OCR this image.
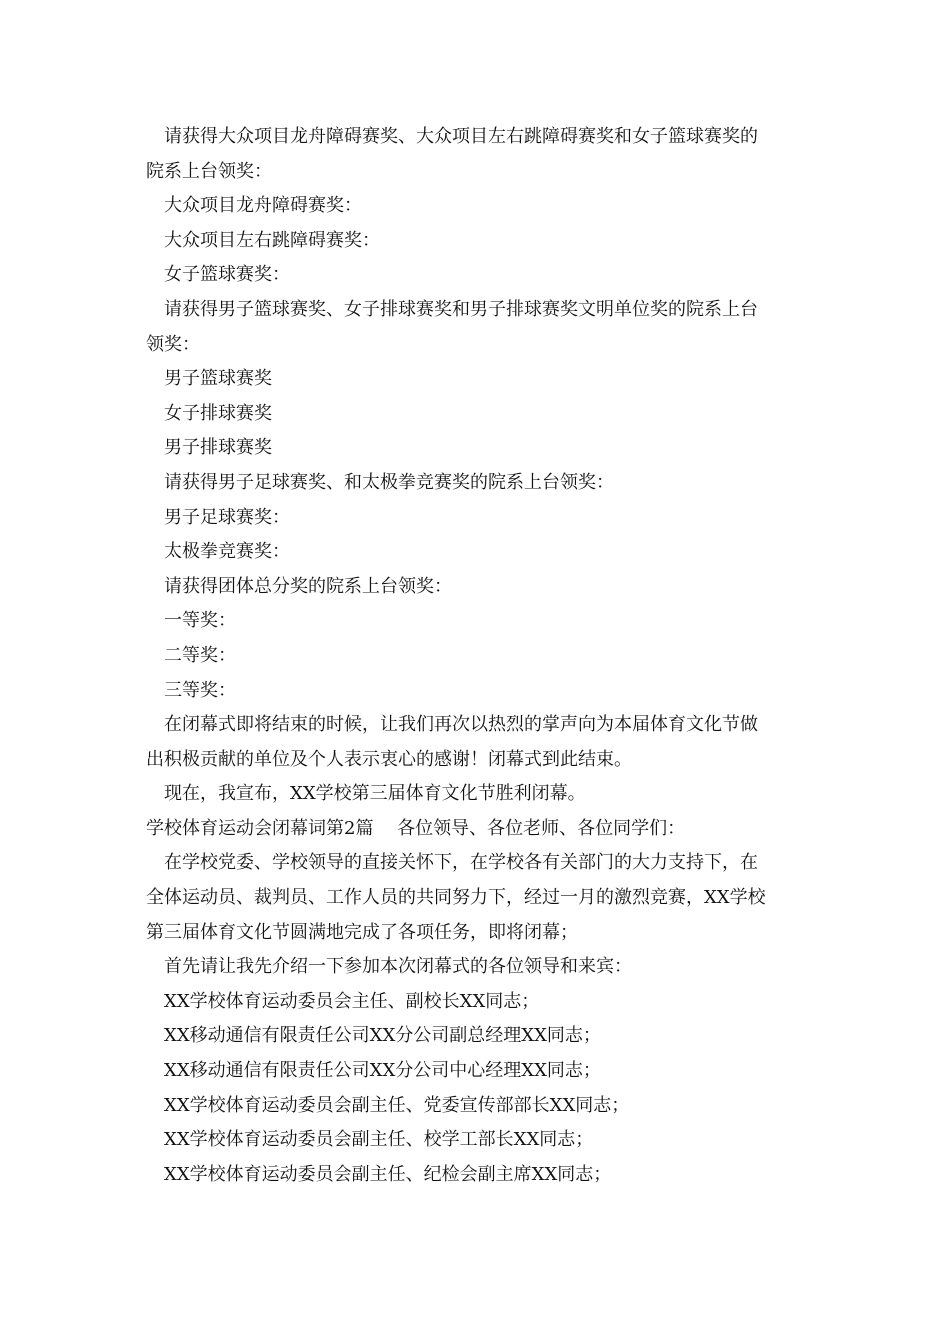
请获得大众项目龙舟障碍赛奖、大众项目左右跳障碍赛奖和女子篮球赛奖的
院系上台领奖：
大众项目龙舟障碍赛奖：
大众项目左右跳障碍赛奖：
女子篮球赛奖：
请获得男子篮球赛奖、女子排球赛奖和男子排球赛奖文明单位奖的院系上台
领奖：
男子篮球赛奖
女子排球赛奖
男子排球赛奖
请获得男子足球赛奖、和太极拳竞赛奖的院系上台领奖：
男子足球赛奖：
太极拳竞赛奖：
请获得团体总分奖的院系上台领奖：
一等奖：
二等奖：
三等奖：
在闭幕式即将结束的时候，让我们再次以热烈的掌声向为本届体育文化节做
出积极贡献的单位及个人表示衷心的感谢！闭幕式到此结束。
现在，我宣布，XX学校第三届体育文化节胜利闭幕。
学校体育运动会闭幕词第2篇　 各位领导、各位老师、各位同学们：
在学校党委、学校领导的直接关怀下，在学校各有关部门的大力支持下，在
全体运动员、裁判员、工作人员的共同努力下，经过一月的激烈竞赛，XX学校
第三届体育文化节圆满地完成了各项任务，即将闭幕；
首先请让我先介绍一下参加本次闭幕式的各位领导和来宾：
XX学校体育运动委员会主任、副校长XX同志；
XX移动通信有限责任公司XX分公司副总经理XX同志；
XX移动通信有限责任公司XX分公司中心经理XX同志；
XX学校体育运动委员会副主任、党委宣传部部长XX同志；
XX学校体育运动委员会副主任、校学工部长XX同志；
XX学校体育运动委员会副主任、纪检会副主席XX同志；
